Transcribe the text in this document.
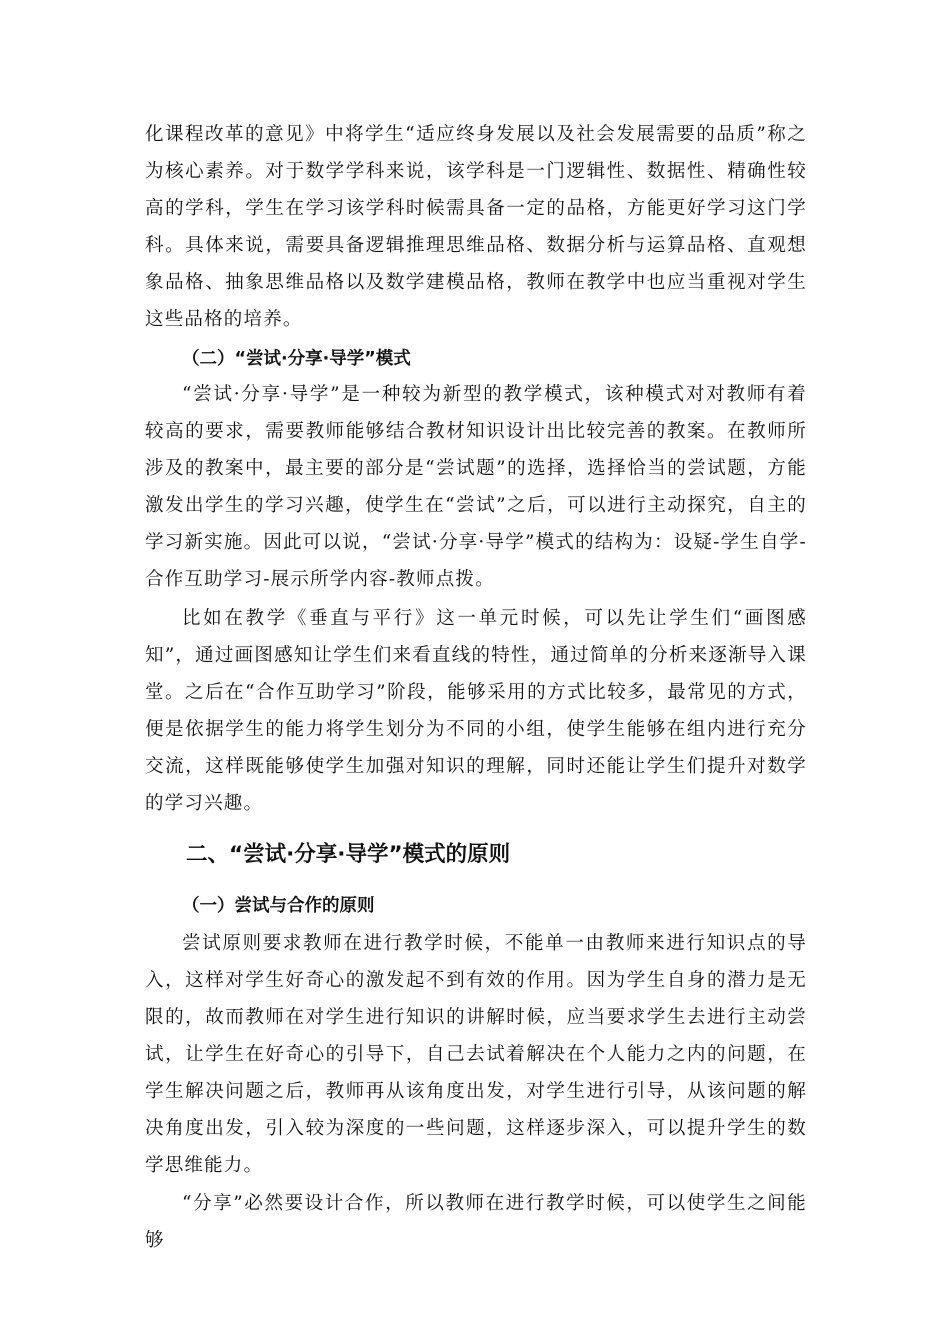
化课程改革的意见》中将学生“适应终身发展以及社会发展需要的品质”称之为核心素养。对于数学学科来说，该学科是一门逻辑性、数据性、精确性较高的学科，学生在学习该学科时候需具备一定的品格，方能更好学习这门学科。具体来说，需要具备逻辑推理思维品格、数据分析与运算品格、直观想象品格、抽象思维品格以及数学建模品格，教师在教学中也应当重视对学生这些品格的培养。

（二）“尝试·分享·导学”模式

“尝试·分享·导学”是一种较为新型的教学模式，该种模式对对教师有着较高的要求，需要教师能够结合教材知识设计出比较完善的教案。在教师所涉及的教案中，最主要的部分是“尝试题”的选择，选择恰当的尝试题，方能激发出学生的学习兴趣，使学生在“尝试”之后，可以进行主动探究，自主的学习新实施。因此可以说，“尝试·分享·导学”模式的结构为：设疑-学生自学-合作互助学习-展示所学内容-教师点拨。

比如在教学《垂直与平行》这一单元时候，可以先让学生们“画图感知”，通过画图感知让学生们来看直线的特性，通过简单的分析来逐渐导入课堂。之后在“合作互助学习”阶段，能够采用的方式比较多，最常见的方式，便是依据学生的能力将学生划分为不同的小组，使学生能够在组内进行充分交流，这样既能够使学生加强对知识的理解，同时还能让学生们提升对数学的学习兴趣。

二、“尝试·分享·导学”模式的原则
（一）尝试与合作的原则

尝试原则要求教师在进行教学时候，不能单一由教师来进行知识点的导入，这样对学生好奇心的激发起不到有效的作用。因为学生自身的潜力是无限的，故而教师在对学生进行知识的讲解时候，应当要求学生去进行主动尝试，让学生在好奇心的引导下，自己去试着解决在个人能力之内的问题，在学生解决问题之后，教师再从该角度出发，对学生进行引导，从该问题的解决角度出发，引入较为深度的一些问题，这样逐步深入，可以提升学生的数学思维能力。

“分享”必然要设计合作，所以教师在进行教学时候，可以使学生之间能够
